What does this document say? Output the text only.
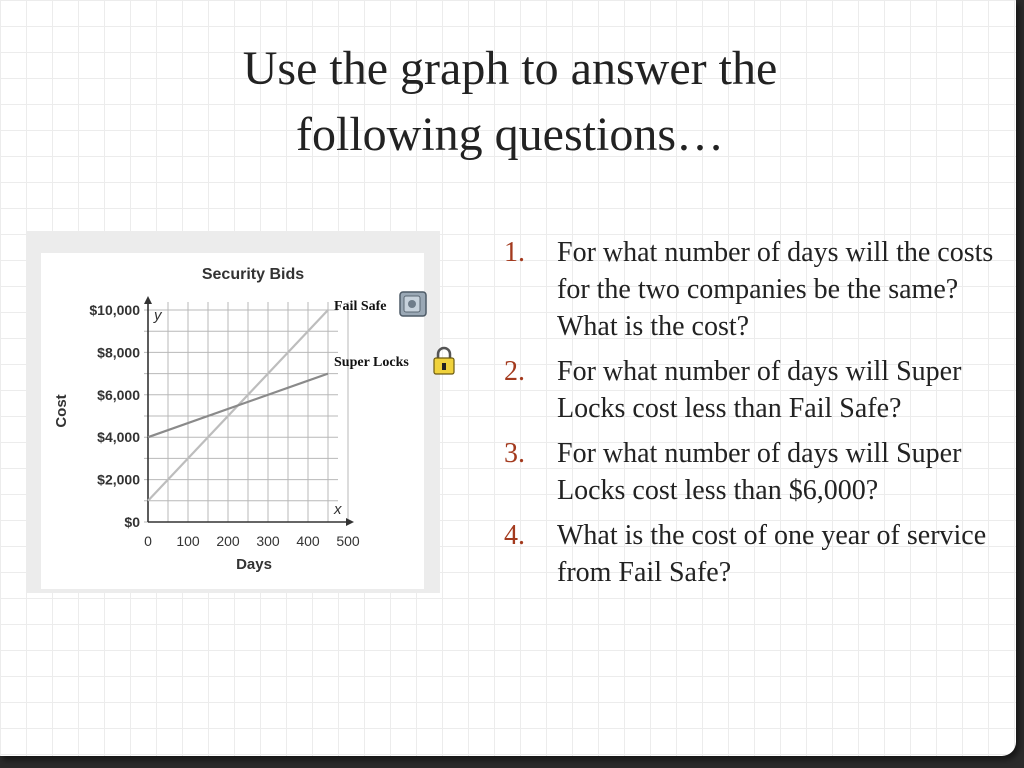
Use the graph to answer the
following questions…
$0
$2,000
$4,000
$6,000
$8,000
$10,000
0 100 200 300 400 500
Security Bids
Days
Cost
y
x
Fail Safe
Super Locks
1. For what number of days will the costs for the two companies be the same? What is the cost?
2. For what number of days will Super Locks cost less than Fail Safe?
3. For what number of days will Super Locks cost less than $6,000?
4. What is the cost of one year of service from Fail Safe?
